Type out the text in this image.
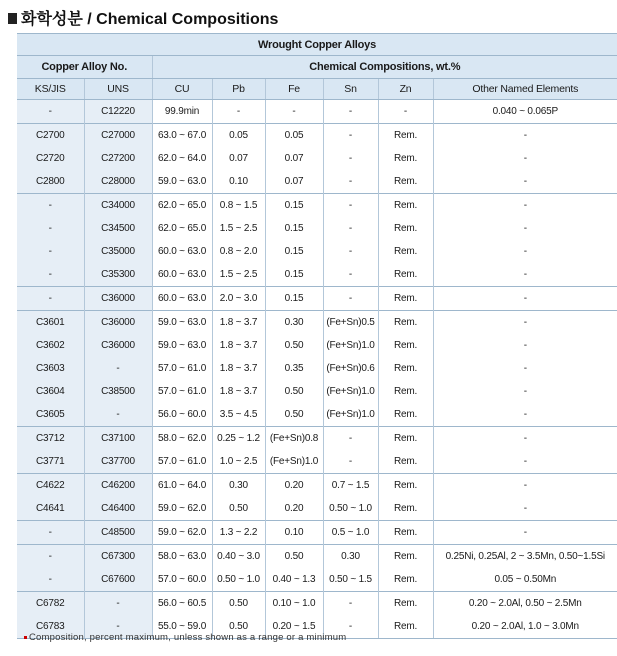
화학성분 / Chemical Compositions
Wrought Copper Alloys							
Copper Alloy No.		Chemical Compositions, wt.%					
KS/JIS	UNS	CU	Pb	Fe	Sn	Zn	Other Named Elements
-	C12220	99.9min	-	-	-	-	0.040 ~ 0.065P
C2700	C27000	63.0 ~ 67.0	0.05	0.05	-	Rem.	-
C2720	C27200	62.0 ~ 64.0	0.07	0.07	-	Rem.	-
C2800	C28000	59.0 ~ 63.0	0.10	0.07	-	Rem.	-
-	C34000	62.0 ~ 65.0	0.8 ~ 1.5	0.15	-	Rem.	-
-	C34500	62.0 ~ 65.0	1.5 ~ 2.5	0.15	-	Rem.	-
-	C35000	60.0 ~ 63.0	0.8 ~ 2.0	0.15	-	Rem.	-
-	C35300	60.0 ~ 63.0	1.5 ~ 2.5	0.15	-	Rem.	-
-	C36000	60.0 ~ 63.0	2.0 ~ 3.0	0.15	-	Rem.	-
C3601	C36000	59.0 ~ 63.0	1.8 ~ 3.7	0.30	(Fe+Sn)0.5	Rem.	-
C3602	C36000	59.0 ~ 63.0	1.8 ~ 3.7	0.50	(Fe+Sn)1.0	Rem.	-
C3603	-	57.0 ~ 61.0	1.8 ~ 3.7	0.35	(Fe+Sn)0.6	Rem.	-
C3604	C38500	57.0 ~ 61.0	1.8 ~ 3.7	0.50	(Fe+Sn)1.0	Rem.	-
C3605	-	56.0 ~ 60.0	3.5 ~ 4.5	0.50	(Fe+Sn)1.0	Rem.	-
C3712	C37100	58.0 ~ 62.0	0.25 ~ 1.2	(Fe+Sn)0.8	-	Rem.	-
C3771	C37700	57.0 ~ 61.0	1.0 ~ 2.5	(Fe+Sn)1.0	-	Rem.	-
C4622	C46200	61.0 ~ 64.0	0.30	0.20	0.7 ~ 1.5	Rem.	-
C4641	C46400	59.0 ~ 62.0	0.50	0.20	0.50 ~ 1.0	Rem.	-
-	C48500	59.0 ~ 62.0	1.3 ~ 2.2	0.10	0.5 ~ 1.0	Rem.	-
-	C67300	58.0 ~ 63.0	0.40 ~ 3.0	0.50	0.30	Rem.	0.25Ni, 0.25Al, 2 ~ 3.5Mn, 0.50~1.5Si
-	C67600	57.0 ~ 60.0	0.50 ~ 1.0	0.40 ~ 1.3	0.50 ~ 1.5	Rem.	0.05 ~ 0.50Mn
C6782	-	56.0 ~ 60.5	0.50	0.10 ~ 1.0	-	Rem.	0.20 ~ 2.0Al, 0.50 ~ 2.5Mn
C6783	-	55.0 ~ 59.0	0.50	0.20 ~ 1.5	-	Rem.	0.20 ~ 2.0Al, 1.0 ~ 3.0Mn
Composition, percent maximum, unless shown as a range or a minimum
